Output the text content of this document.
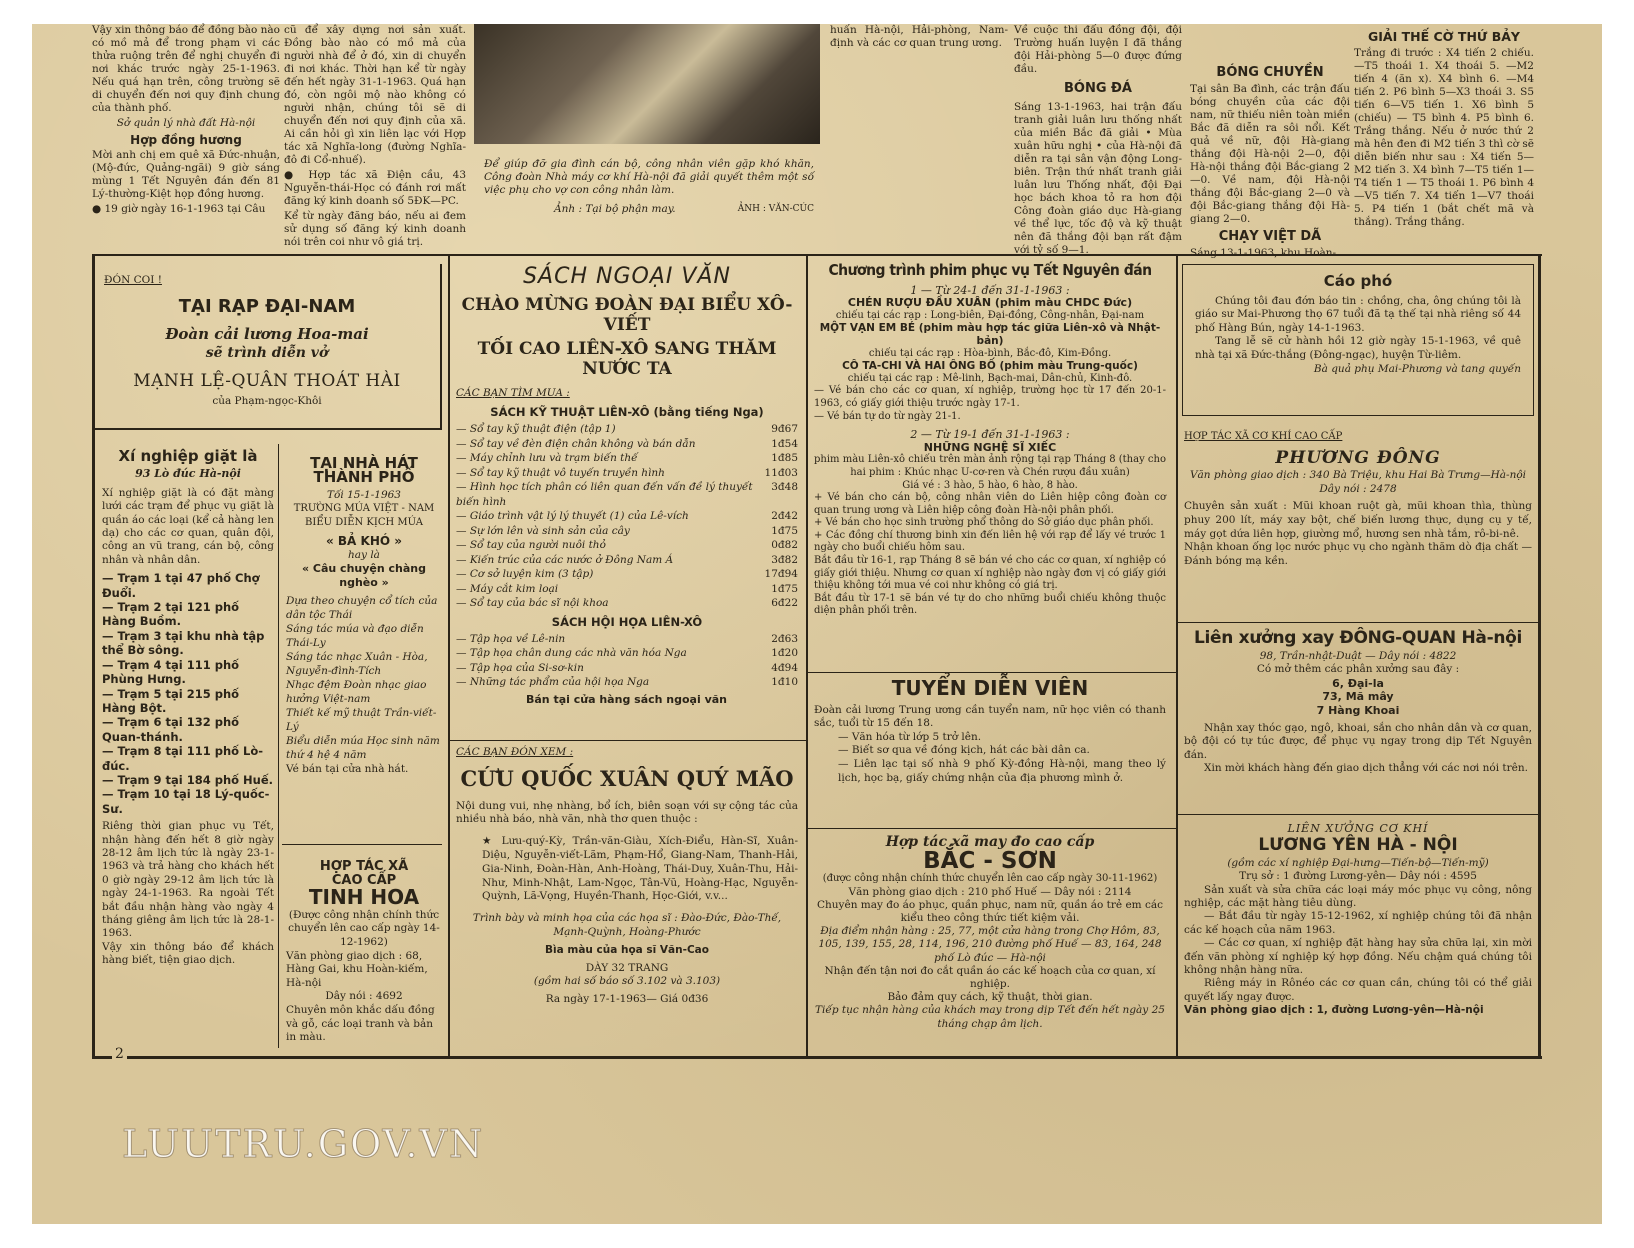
Vậy xin thông báo để đồng bào nào có mồ mả để trong phạm vi các thửa ruộng trên để nghị chuyển đi nơi khác trước ngày 25-1-1963. Nếu quá hạn trên, công trường sẽ di chuyển đến nơi quy định chung của thành phố.

Sở quản lý nhà đất Hà-nội

Hợp đồng hương

Mời anh chị em quê xã Đức-nhuận, (Mộ-đức, Quảng-ngãi) 9 giờ sáng mùng 1 Tết Nguyên đán đến 81 Lý-thường-Kiệt họp đồng hương.

● 19 giờ ngày 16-1-1963 tại Câu

cũ để xây dựng nơi sản xuất. Đồng bào nào có mồ mả của người nhà để ở đó, xin di chuyển đi nơi khác. Thời hạn kể từ ngày đến hết ngày 31-1-1963. Quá hạn đó, còn ngôi mộ nào không có người nhận, chúng tôi sẽ di chuyển đến nơi quy định của xã. Ai cần hỏi gì xin liên lạc với Hợp tác xã Nghĩa-long (đường Nghĩa-đô đi Cổ-nhuế).

● Hợp tác xã Điện cầu, 43 Nguyễn-thái-Học có đánh rơi mất đăng ký kinh doanh số 5ĐK—PC.

Kể từ ngày đăng báo, nếu ai đem sử dụng số đăng ký kinh doanh nói trên coi như vô giá trị.

Để giúp đỡ gia đình cán bộ, công nhân viên gặp khó khăn, Công đoàn Nhà máy cơ khí Hà-nội đã giải quyết thêm một số việc phụ cho vợ con công nhân làm.

Ảnh : Tại bộ phận may.	ẢNH : VĂN-CÚC

huấn Hà-nội, Hải-phòng, Nam-định và các cơ quan trung ương.

Về cuộc thi đấu đồng đội, đội Trường huấn luyện I đã thắng đội Hải-phòng 5—0 được đứng đầu.

BÓNG ĐÁ

Sáng 13-1-1963, hai trận đấu tranh giải luân lưu thống nhất của miền Bắc đã giải • Mùa xuân hữu nghị • của Hà-nội đã diễn ra tại sân vận động Long-biên. Trận thứ nhất tranh giải luân lưu Thống nhất, đội Đại học bách khoa tỏ ra hơn đội Công đoàn giáo dục Hà-giang về thể lực, tốc độ và kỹ thuật nên đã thắng đội bạn rất đậm với tỷ số 9—1.

BÓNG CHUYỀN

Tại sân Ba đình, các trận đấu bóng chuyền của các đội nam, nữ thiếu niên toàn miền Bắc đã diễn ra sôi nổi. Kết quả về nữ, đội Hà-giang thắng đội Hà-nội 2—0, đội Hà-nội thắng đội Bắc-giang 2—0. Về nam, đội Hà-nội thắng đội Bắc-giang 2—0 và đội Bắc-giang thắng đội Hà-giang 2—0.

CHẠY VIỆT DÃ

Sáng 13-1-1963, khu Hoàn-

GIẢI THẾ CỜ THỨ BẢY

Trắng đi trước : X4 tiến 2 chiếu.—T5 thoái 1. X4 thoái 5. —M2 tiến 4 (ăn x). X4 bình 6. —M4 tiến 2. P6 bình 5—X3 thoái 3. S5 tiến 6—V5 tiến 1. X6 bình 5 (chiếu) — T5 bình 4. P5 bình 6. Trắng thắng. Nếu ở nước thứ 2 mà hên đen đi M2 tiến 3 thì cờ sẽ diễn biến như sau : X4 tiến 5— M2 tiến 3. X4 bình 7—T5 tiến 1— T4 tiến 1 — T5 thoái 1. P6 bình 4—V5 tiến 7. X4 tiến 1—V7 thoái 5. P4 tiến 1 (bắt chết mã và thắng). Trắng thắng.

2
ĐÓN COI !
TẠI RẠP ĐẠI-NAM
Đoàn cải lương Hoa-mai
sẽ trình diễn vở
MẠNH LỆ-QUÂN THOÁT HÀI
của Phạm-ngọc-Khôi
Xí nghiệp giặt là
93 Lò đúc Hà-nội

Xí nghiệp giặt là có đặt màng lưới các trạm để phục vụ giặt là quần áo các loại (kể cả hàng len dạ) cho các cơ quan, quân đội, công an vũ trang, cán bộ, công nhân và nhân dân.

— Trạm 1 tại 47 phố Chợ Đuổi.
— Trạm 2 tại 121 phố Hàng Buồm.
— Trạm 3 tại khu nhà tập thể Bờ sông.
— Trạm 4 tại 111 phố Phùng Hưng.
— Trạm 5 tại 215 phố Hàng Bột.
— Trạm 6 tại 132 phố Quan-thánh.
— Trạm 8 tại 111 phố Lò-đúc.
— Trạm 9 tại 184 phố Huế.
— Trạm 10 tại 18 Lý-quốc-Sư.

Riêng thời gian phục vụ Tết, nhận hàng đến hết 8 giờ ngày 28-12 âm lịch tức là ngày 23-1-1963 và trả hàng cho khách hết 0 giờ ngày 29-12 âm lịch tức là ngày 24-1-1963. Ra ngoài Tết bắt đầu nhận hàng vào ngày 4 tháng giêng âm lịch tức là 28-1-1963.

Vậy xin thông báo để khách hàng biết, tiện giao dịch.

TẠI NHÀ HÁT
THÀNH PHỐ
Tối 15-1-1963
TRƯỜNG MÚA VIỆT - NAM
BIỂU DIỄN KỊCH MÚA
« BẢ KHÓ »
hay là
« Câu chuyện chàng nghèo »
Dựa theo chuyện cổ tích của dân tộc Thái
Sáng tác múa và đạo diễn Thái-Ly
Sáng tác nhạc Xuân - Hòa, Nguyễn-đình-Tích
Nhạc đệm Đoàn nhạc giao hưởng Việt-nam
Thiết kế mỹ thuật Trần-viết-Lý
Biểu diễn múa Học sinh năm thứ 4 hệ 4 năm
Vé bán tại cửa nhà hát.
HỢP TÁC XÃ
CAO CẤP
TINH HOA
(Được công nhận chính thức chuyển lên cao cấp ngày 14-12-1962)
Văn phòng giao dịch : 68, Hàng Gai, khu Hoàn-kiếm, Hà-nội
Dây nói : 4692
Chuyên môn khắc dấu đồng và gỗ, các loại tranh và bản in màu.
SÁCH NGOẠI VĂN
CHÀO MỪNG ĐOÀN ĐẠI BIỂU XÔ-VIẾT
TỐI CAO LIÊN-XÔ SANG THĂM NƯỚC TA
CÁC BẠN TÌM MUA :
SÁCH KỸ THUẬT LIÊN-XÔ (bằng tiếng Nga)
— Sổ tay kỹ thuật điện (tập 1)	9đ67
— Sổ tay về đèn điện chân không và bán dẫn	1đ54
— Máy chỉnh lưu và trạm biến thế	1đ85
— Sổ tay kỹ thuật vô tuyến truyền hình	11đ03
— Hình học tích phân có liên quan đến vấn đề lý thuyết biến hình
3đ48
— Giáo trình vật lý lý thuyết (1) của Lê-vích	2đ42
— Sự lớn lên và sinh sản của cây	1đ75
— Sổ tay của người nuôi thỏ	0đ82
— Kiến trúc của các nước ở Đông Nam Á	3đ82
— Cơ sở luyện kim (3 tập)	17đ94
— Máy cắt kim loại	1đ75
— Sổ tay của bác sĩ nội khoa	6đ22
SÁCH HỘI HỌA LIÊN-XÔ
— Tập họa về Lê-nin	2đ63
— Tập họa chân dung các nhà văn hóa Nga	1đ20
— Tập họa của Si-sơ-kin	4đ94
— Những tác phẩm của hội họa Nga	1đ10
Bán tại cửa hàng sách ngoại văn
CÁC BẠN ĐÓN XEM :
CỨU QUỐC XUÂN QUÝ MÃO

Nội dung vui, nhẹ nhàng, bổ ích, biên soạn với sự cộng tác của nhiều nhà báo, nhà văn, nhà thơ quen thuộc :

★ Lưu-quý-Kỳ, Trần-văn-Giàu, Xích-Điểu, Hàn-Sĩ, Xuân-Diệu, Nguyễn-viết-Lãm, Phạm-Hổ, Giang-Nam, Thanh-Hải, Gia-Ninh, Đoàn-Hàn, Anh-Hoàng, Thái-Duy, Xuân-Thu, Hải-Như, Minh-Nhật, Lam-Ngọc, Tân-Vũ, Hoàng-Hạc, Nguyễn-Quỳnh, Lã-Vọng, Huyền-Thanh, Học-Giới, v.v...

Trình bày và minh họa của các họa sĩ : Đào-Đức, Đào-Thế, Mạnh-Quỳnh, Hoàng-Phước

Bìa màu của họa sĩ Văn-Cao

DÀY 32 TRANG

(gồm hai số báo số 3.102 và 3.103)

Ra ngày 17-1-1963— Giá 0đ36

Chương trình phim phục vụ Tết Nguyên đán
1 — Từ 24-1 đến 31-1-1963 :
CHÉN RƯỢU ĐẦU XUÂN (phim màu CHDC Đức)
chiếu tại các rạp : Long-biên, Đại-đồng, Công-nhân, Đại-nam
MỘT VẠN EM BÉ (phim màu hợp tác giữa Liên-xô và Nhật-bản)
chiếu tại các rạp : Hòa-bình, Bắc-đô, Kim-Đồng.
CÔ TA-CHI VÀ HAI ÔNG BỐ (phim màu Trung-quốc)
chiếu tại các rạp : Mê-linh, Bạch-mai, Dân-chủ, Kinh-đô.
— Vé bán cho các cơ quan, xí nghiệp, trường học từ 17 đến 20-1-1963, có giấy giới thiệu trước ngày 17-1.
— Vé bán tự do từ ngày 21-1.
2 — Từ 19-1 đến 31-1-1963 :
NHỮNG NGHỆ SĨ XIẾC
phim màu Liên-xô chiếu trên màn ảnh rộng tại rạp Tháng 8 (thay cho hai phim : Khúc nhạc U-cơ-ren và Chén rượu đầu xuân)
Giá vé : 3 hào, 5 hào, 6 hào, 8 hào.
+ Vé bán cho cán bộ, công nhân viên do Liên hiệp công đoàn cơ quan trung ương và Liên hiệp công đoàn Hà-nội phân phối.
+ Vé bán cho học sinh trường phổ thông do Sở giáo dục phân phối.
+ Các đồng chí thương binh xin đến liên hệ với rạp để lấy vé trước 1 ngày cho buổi chiếu hôm sau.
Bắt đầu từ 16-1, rạp Tháng 8 sẽ bán vé cho các cơ quan, xí nghiệp có giấy giới thiệu. Nhưng cơ quan xí nghiệp nào ngày đơn vị có giấy giới thiệu không tới mua vé coi như không có giá trị.
Bắt đầu từ 17-1 sẽ bán vé tự do cho những buổi chiếu không thuộc diện phân phối trên.
TUYỂN DIỄN VIÊN

Đoàn cải lương Trung ương cần tuyển nam, nữ học viên có thanh sắc, tuổi từ 15 đến 18.

— Văn hóa từ lớp 5 trở lên.

— Biết sơ qua về đóng kịch, hát các bài dân ca.

— Liên lạc tại số nhà 9 phố Kỳ-đồng Hà-nội, mang theo lý lịch, học bạ, giấy chứng nhận của địa phương mình ở.

Hợp tác xã may đo cao cấp
BẮC - SƠN
(được công nhận chính thức chuyển lên cao cấp ngày 30-11-1962)
Văn phòng giao dịch : 210 phố Huế — Dây nói : 2114
Chuyên may đo áo phục, quần phục, nam nữ, quần áo trẻ em các kiểu theo công thức tiết kiệm vải.
Địa điểm nhận hàng : 25, 77, một cửa hàng trong Chợ Hôm, 83, 105, 139, 155, 28, 114, 196, 210 đường phố Huế — 83, 164, 248 phố Lò đúc — Hà-nội
Nhận đến tận nơi đo cắt quần áo các kế hoạch của cơ quan, xí nghiệp.
Bảo đảm quy cách, kỹ thuật, thời gian.
Tiếp tục nhận hàng của khách may trong dịp Tết đến hết ngày 25 tháng chạp âm lịch.
Cáo phó

Chúng tôi đau đớn báo tin : chồng, cha, ông chúng tôi là giáo sư Mai-Phương thọ 67 tuổi đã tạ thế tại nhà riêng số 44 phố Hàng Bún, ngày 14-1-1963.

Tang lễ sẽ cử hành hồi 12 giờ ngày 15-1-1963, về quê nhà tại xã Đức-thắng (Đông-ngạc), huyện Từ-liêm.

Bà quả phụ Mai-Phương và tang quyến

HỢP TÁC XÃ CƠ KHÍ CAO CẤP
PHƯƠNG ĐÔNG
Văn phòng giao dịch : 340 Bà Triệu, khu Hai Bà Trưng—Hà-nội Dây nói : 2478

Chuyên sản xuất : Mũi khoan ruột gà, mũi khoan thìa, thùng phuy 200 lít, máy xay bột, chế biến lương thực, dụng cụ y tế, máy gọt dứa liên hợp, giường mổ, hương sen nhà tắm, rô-bi-nê.

Nhận khoan ống lọc nước phục vụ cho ngành thăm dò địa chất — Đánh bóng mạ kền.

Liên xưởng xay ĐÔNG-QUAN Hà-nội
98, Trần-nhật-Duật — Dây nói : 4822
Có mở thêm các phân xưởng sau đây :
6, Đại-la
73, Mã mây
7 Hàng Khoai

Nhận xay thóc gạo, ngô, khoai, sắn cho nhân dân và cơ quan, bộ đội có tự túc được, để phục vụ ngay trong dịp Tết Nguyên đán.

Xin mời khách hàng đến giao dịch thẳng với các nơi nói trên.

LIÊN XƯỞNG CƠ KHÍ
LƯƠNG YÊN HÀ - NỘI
(gồm các xí nghiệp Đại-hưng—Tiến-bộ—Tiến-mỹ)
Trụ sở : 1 đường Lương-yên— Dây nói : 4595

Sản xuất và sửa chữa các loại máy móc phục vụ công, nông nghiệp, các mặt hàng tiêu dùng.

— Bắt đầu từ ngày 15-12-1962, xí nghiệp chúng tôi đã nhận các kế hoạch của năm 1963.

— Các cơ quan, xí nghiệp đặt hàng hay sửa chữa lại, xin mời đến văn phòng xí nghiệp ký hợp đồng. Nếu chậm quá chúng tôi không nhận hàng nữa.

Riêng máy in Rônéo các cơ quan cần, chúng tôi có thể giải quyết lấy ngay được.

Văn phòng giao dịch : 1, đường Lương-yên—Hà-nội

LUUTRU.GOV.VN
